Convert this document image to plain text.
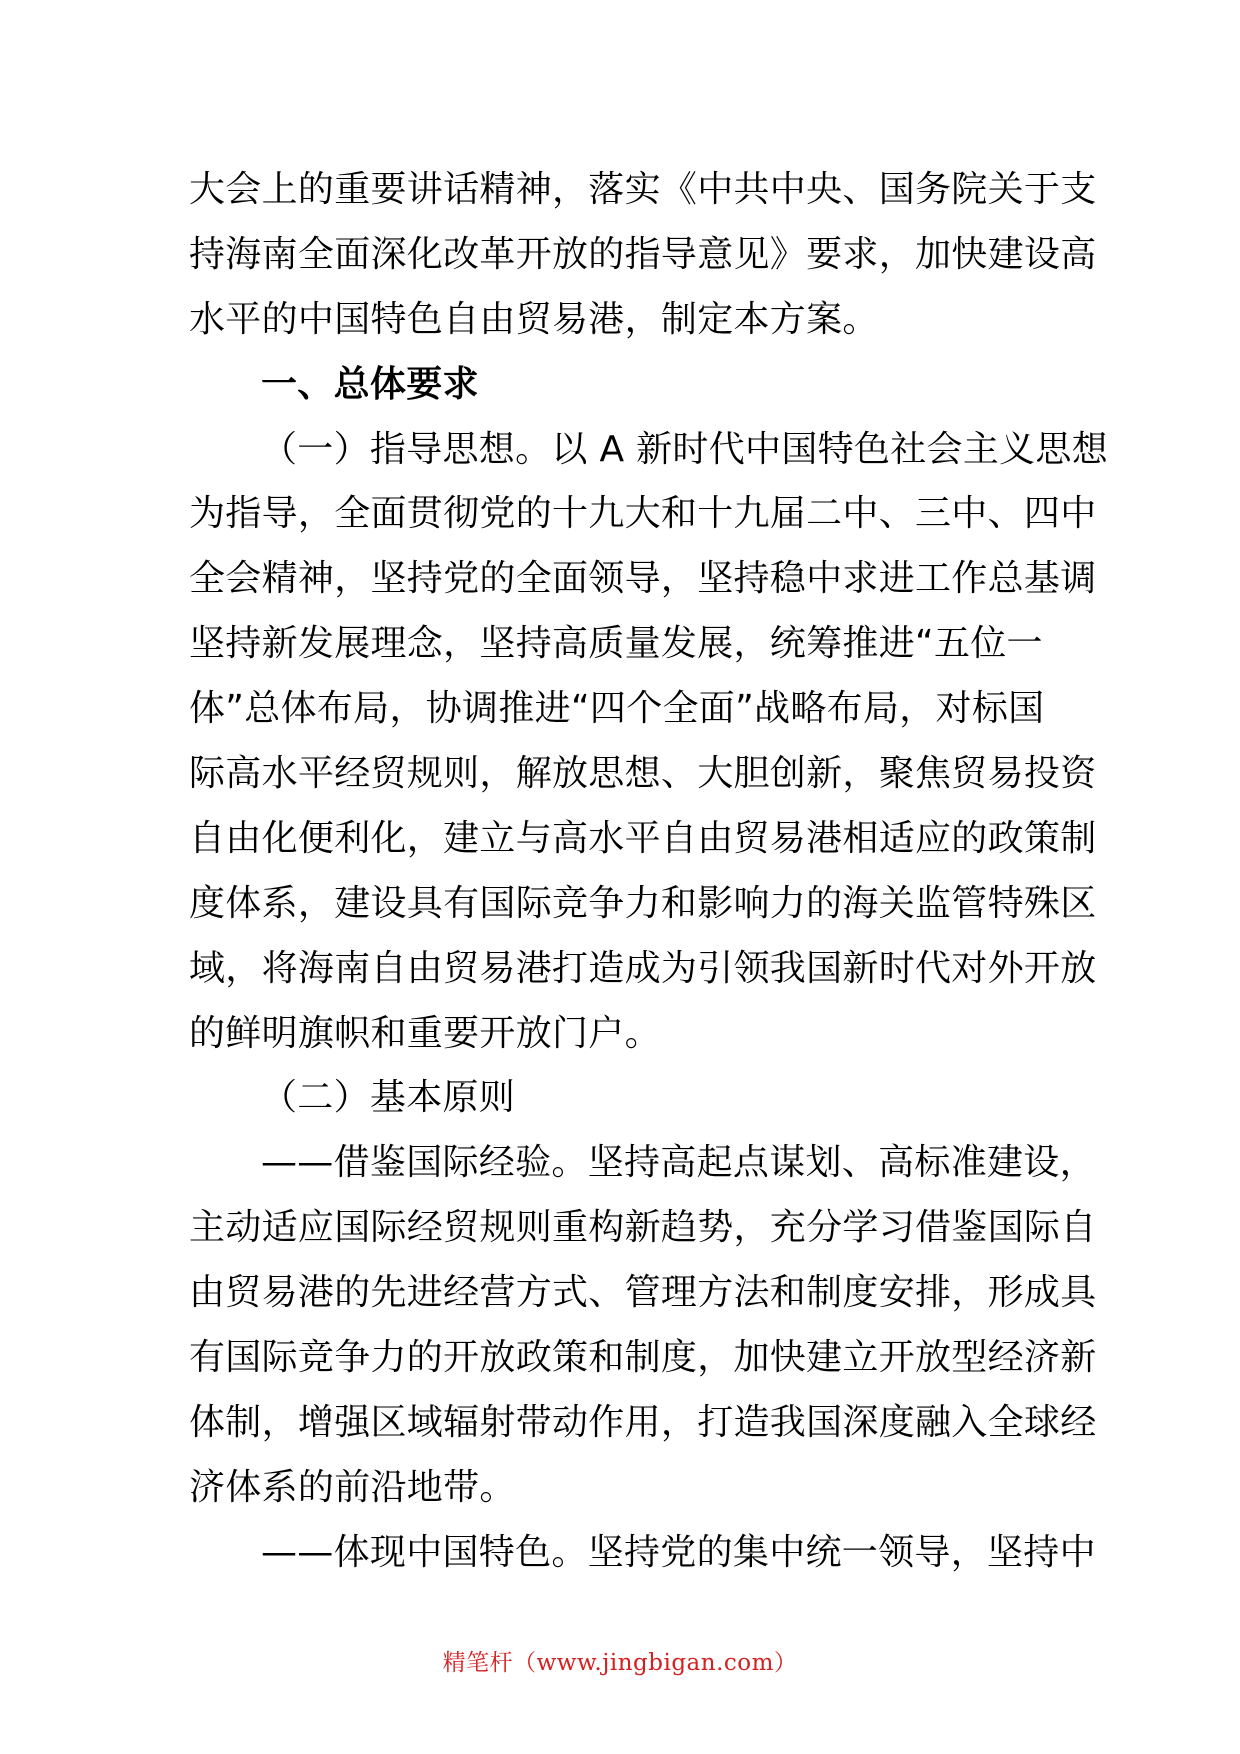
大会上的重要讲话精神，落实《中共中央、国务院关于支
持海南全面深化改革开放的指导意见》要求，加快建设高
水平的中国特色自由贸易港，制定本方案。
一、总体要求
（一）指导思想。以 A 新时代中国特色社会主义思想
为指导，全面贯彻党的十九大和十九届二中、三中、四中
全会精神，坚持党的全面领导，坚持稳中求进工作总基调
坚持新发展理念，坚持高质量发展，统筹推进“五位一
体”总体布局，协调推进“四个全面”战略布局，对标国
际高水平经贸规则，解放思想、大胆创新，聚焦贸易投资
自由化便利化，建立与高水平自由贸易港相适应的政策制
度体系，建设具有国际竞争力和影响力的海关监管特殊区
域，将海南自由贸易港打造成为引领我国新时代对外开放
的鲜明旗帜和重要开放门户。
（二）基本原则
——借鉴国际经验。坚持高起点谋划、高标准建设，
主动适应国际经贸规则重构新趋势，充分学习借鉴国际自
由贸易港的先进经营方式、管理方法和制度安排，形成具
有国际竞争力的开放政策和制度，加快建立开放型经济新
体制，增强区域辐射带动作用，打造我国深度融入全球经
济体系的前沿地带。
——体现中国特色。坚持党的集中统一领导，坚持中
精笔杆（www.jingbigan.com）
